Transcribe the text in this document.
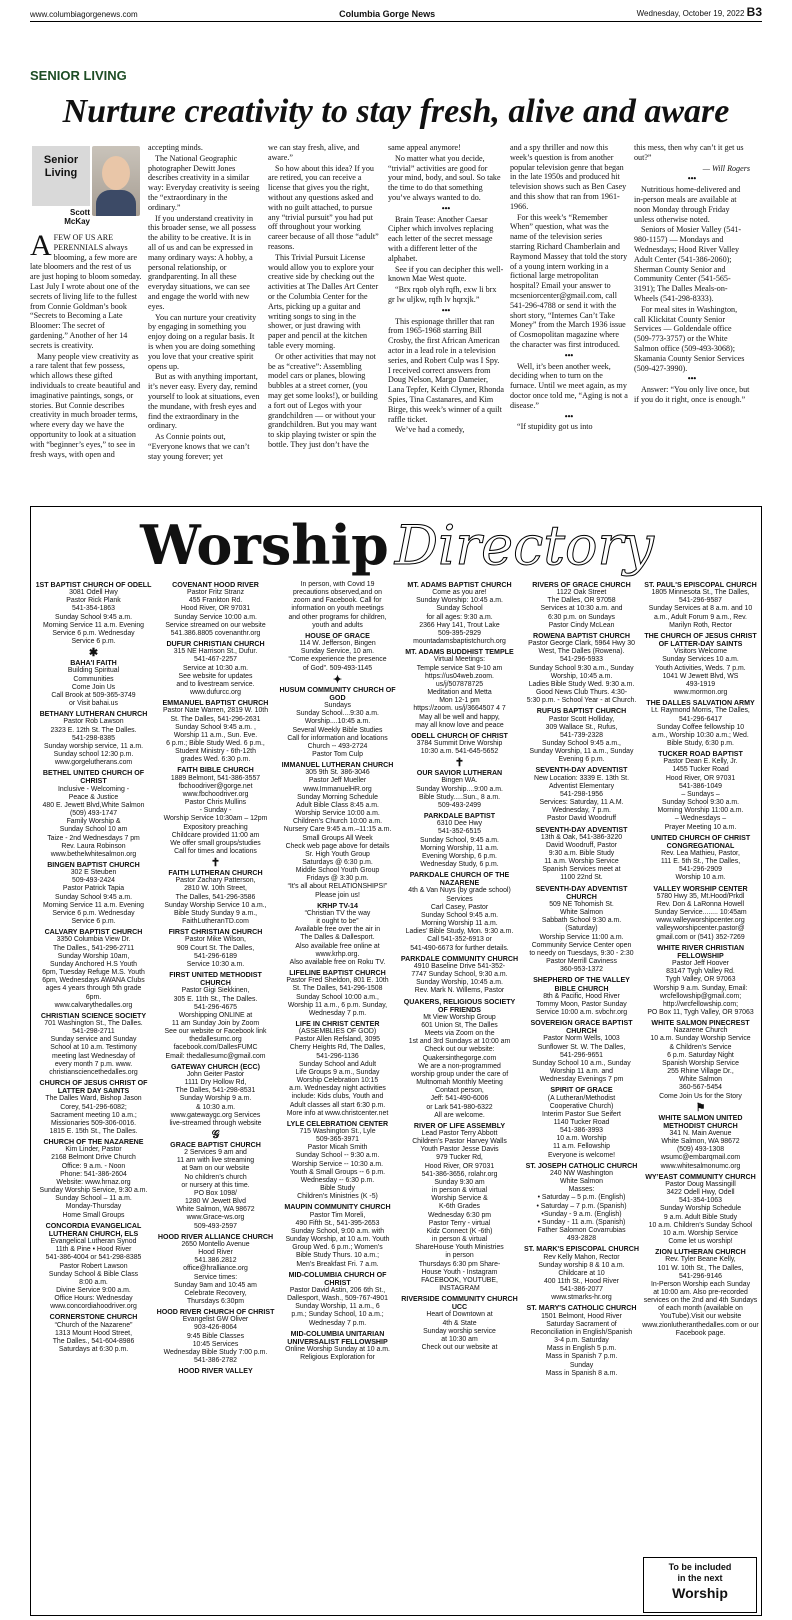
www.columbiagorgenews.com	Columbia Gorge News	Wednesday, October 19, 2022 B3
SENIOR LIVING
Nurture creativity to stay fresh, alive and aware
Senior
Living
Scott
McKay
A FEW OF US ARE PERENNIALS always blooming, a few more are late bloomers and the rest of us are just hoping to bloom someday. Last July I wrote about one of the secrets of living life to the fullest from Connie Goldman’s book “Secrets to Becoming a Late Bloomer: The secret of gardening.” Another of her 14 secrets is creativity.

Many people view creativity as a rare talent that few possess, which allows these gifted individuals to create beautiful and imaginative paintings, songs, or stories. But Connie describes creativity in much broader terms, where every day we have the opportunity to look at a situation with “beginner’s eyes,” to see in fresh ways, with open and

accepting minds.

The National Geographic photographer Dewitt Jones describes creativity in a similar way: Everyday creativity is seeing the “extraordinary in the ordinary.”

If you understand creativity in this broader sense, we all possess the ability to be creative. It is in all of us and can be expressed in many ordinary ways: A hobby, a personal relationship, or grandparenting. In all these everyday situations, we can see and engage the world with new eyes.

You can nurture your creativity by engaging in something you enjoy doing on a regular basis. It is when you are doing something you love that your creative spirit opens up.

But as with anything important, it’s never easy. Every day, remind yourself to look at situations, even the mundane, with fresh eyes and find the extraordinary in the ordinary.

As Connie points out, “Everyone knows that we can’t stay young forever; yet

we can stay fresh, alive, and aware.”

So how about this idea? If you are retired, you can receive a license that gives you the right, without any questions asked and with no guilt attached, to pursue any “trivial pursuit” you had put off throughout your working career because of all those “adult” reasons.

This Trivial Pursuit License would allow you to explore your creative side by checking out the activities at The Dalles Art Center or the Columbia Center for the Arts, picking up a guitar and writing songs to sing in the shower, or just drawing with paper and pencil at the kitchen table every morning.

Or other activities that may not be as “creative”: Assembling model cars or planes, blowing bubbles at a street corner, (you may get some looks!), or building a fort out of Legos with your grandchildren — or without your grandchildren. But you may want to skip playing twister or spin the bottle. They just don’t have the

same appeal anymore!

No matter what you decide, “trivial” activities are good for your mind, body, and soul. So take the time to do that something you’ve always wanted to do.

•••

Brain Tease: Another Caesar Cipher which involves replacing each letter of the secret message with a different letter of the alphabet.

See if you can decipher this well-known Mae West quote.

“Brx rqob olyh rqfh, exw li brx gr lw uljkw, rqfh lv hqrxjk.”

•••

This espionage thriller that ran from 1965-1968 starring Bill Crosby, the first African American actor in a lead role in a television series, and Robert Culp was I Spy. I received correct answers from Doug Nelson, Margo Dameier, Lana Tepfer, Keith Clymer, Rhonda Spies, Tina Castanares, and Kim Birge, this week’s winner of a quilt raffle ticket.

We’ve had a comedy,

and a spy thriller and now this week’s question is from another popular television genre that began in the late 1950s and produced hit television shows such as Ben Casey and this show that ran from 1961-1966.

For this week’s “Remember When” question, what was the name of the television series starring Richard Chamberlain and Raymond Massey that told the story of a young intern working in a fictional large metropolitan hospital? Email your answer to mcseniorcenter@gmail.com, call 541-296-4788 or send it with the short story, “Internes Can’t Take Money” from the March 1936 issue of Cosmopolitan magazine where the character was first introduced.

•••

Well, it’s been another week, deciding when to turn on the furnace. Until we meet again, as my doctor once told me, “Aging is not a disease.”

•••

“If stupidity got us into

this mess, then why can’t it get us out?”

— Will Rogers

•••

Nutritious home-delivered and in-person meals are available at noon Monday through Friday unless otherwise noted.

Seniors of Mosier Valley (541-980-1157) — Mondays and Wednesdays; Hood River Valley Adult Center (541-386-2060); Sherman County Senior and Community Center (541-565-3191); The Dalles Meals-on-Wheels (541-298-8333).

For meal sites in Washington, call Klickitat County Senior Services — Goldendale office (509-773-3757) or the White Salmon office (509-493-3068); Skamania County Senior Services (509-427-3990).

•••

Answer: “You only live once, but if you do it right, once is enough.”

Worship Directory
1ST BAPTIST CHURCH OF ODELL
3081 Odell Hwy
Pastor Rick Plank
541-354-1863
Sunday School 9:45 a.m.
Morning Service 11 a.m. Evening
Service 6 p.m. Wednesday
Service 6 p.m.
✱
BAHA'I FAITH
Building Spiritual
Communities
Come Join Us
Call Brook at 509-365-3749
or Visit bahai.us
BETHANY LUTHERAN CHURCH
Pastor Rob Lawson
2323 E. 12th St. The Dalles.
541-298-8385
Sunday worship service, 11 a.m.
Sunday school 12:30 p.m.
www.gorgelutherans.com
BETHEL UNITED CHURCH OF CHRIST
Inclusive - Welcoming -
Peace & Justice
480 E. Jewett Blvd,White Salmon
(509) 493-1747
Family Worship &
Sunday School 10 am
Taize - 2nd Wednesdays 7 pm
Rev. Laura Robinson
www.bethelwhitesalmon.org
BINGEN BAPTIST CHURCH
302 E Steuben
509-493-2424
Pastor Patrick Tapia
Sunday School 9:45 a.m.
Morning Service 11 a.m. Evening
Service 6 p.m. Wednesday
Service 6 p.m.
CALVARY BAPTIST CHURCH
3350 Columbia View Dr.
The Dalles., 541-296-2711
Sunday Worship 10am,
Sunday Anchored H.S Youth
6pm, Tuesday Refuge M.S. Youth
6pm, Wednesdays AWANA Clubs
ages 4 years through 5th grade
6pm.
www.calvarythedalles.org
CHRISTIAN SCIENCE SOCIETY
701 Washington St., The Dalles.
541-298-2711
Sunday service and Sunday
School at 10 a.m. Testimony
meeting last Wednesday of
every month 7 p.m. www.
christiansciencethedalles.org
CHURCH OF JESUS CHRIST OF LATTER DAY SAINTS
The Dalles Ward, Bishop Jason
Corey, 541-296-6082;
Sacrament meeting 10 a.m.;
Missionaries 509-306-0016.
1815 E. 15th St., The Dalles.
CHURCH OF THE NAZARENE
Kim Linder, Pastor
2168 Belmont Drive Church
Office: 9 a.m. - Noon
Phone: 541-386-2604
Website: www.hrnaz.org
Sunday Worship Service, 9:30 a.m.
Sunday School – 11 a.m.
Monday-Thursday
Home Small Groups
CONCORDIA EVANGELICAL LUTHERAN CHURCH, ELS
Evangelical Lutheran Synod
11th & Pine • Hood River
541-386-4004 or 541-298-8385
Pastor Robert Lawson
Sunday School & Bible Class
8:00 a.m.
Divine Service 9:00 a.m.
Office Hours: Wednesday
www.concordiahoodriver.org
CORNERSTONE CHURCH
“Church of the Nazarene”
1313 Mount Hood Street,
The Dalles., 541-604-8986
Saturdays at 6:30 p.m.
COVENANT HOOD RIVER
Pastor Fritz Stranz
455 Frankton Rd.
Hood River, OR 97031
Sunday Service 10:00 a.m.
Service streamed on our website
541.386.8805 covenanthr.org
DUFUR CHRISTIAN CHURCH
315 NE Harrison St., Dufur.
541-467-2257
Service at 10:30 a.m.
See website for updates
and to livestream service.
www.dufurcc.org
EMMANUEL BAPTIST CHURCH
Pastor Nate Warren, 2819 W. 10th
St. The Dalles, 541-296-2631
Sunday School 9:45 a.m. ,
Worship 11 a.m., Sun. Eve.
6 p.m.; Bible Study Wed. 6 p.m.,
Student Ministry - 6th-12th
grades Wed. 6:30 p.m.
FAITH BIBLE CHURCH
1889 Belmont, 541-386-3557
fbchoodriver@gorge.net
www.fbchoodriver.org
Pastor Chris Mullins
- Sunday -
Worship Service 10:30am – 12pm
Expository preaching
Childcare provided 11:00 am
We offer small groups/studies
Call for times and locations
✝
FAITH LUTHERAN CHURCH
Pastor Zachary Patterson,
2810 W. 10th Street,
The Dalles, 541-296-3586
Sunday Worship Service 10 a.m.,
Bible Study Sunday 9 a.m.,
FaithLutheranTD.com
FIRST CHRISTIAN CHURCH
Pastor Mike Wilson,
909 Court St. The Dalles,
541-296-6189
Service 10:30 a.m.
FIRST UNITED METHODIST CHURCH
Pastor Gigi Siekkinen,
305 E. 11th St., The Dalles.
541-296-4675
Worshipping ONLINE at
11 am Sunday Join by Zoom
See our website or Facebook link
thedallesumc.org
facebook.com/DallesFUMC
Email: thedallesumc@gmail.com
GATEWAY CHURCH (ECC)
John Geiter Pastor
1111 Dry Hollow Rd,
The Dalles, 541-298-8531
Sunday Worship 9 a.m.
& 10:30 a.m.
www.gatewaygc.org Services
live-streamed through website
𝒢
GRACE BAPTIST CHURCH
2 Services 9 am and
11 am with live streaming
at 9am on our website
No children’s church
or nursery at this time.
PO Box 1098/
1280 W Jewett Blvd
White Salmon, WA 98672
www.Grace-ws.org
509-493-2597
HOOD RIVER ALLIANCE CHURCH
2650 Montello Avenue
Hood River
541.386.2812
office@hralliance.org
Service times:
Sunday 9am and 10:45 am
Celebrate Recovery,
Thursdays 6:30pm
HOOD RIVER CHURCH OF CHRIST
Evangelist GW Oliver
903-426-8064
9:45 Bible Classes
10:45 Services
Wednesday Bible Study 7:00 p.m.
541-386-2782
HOOD RIVER VALLEY
In person, with Covid 19
precautions observed,and on
zoom and Facebook. Call for
information on youth meetings
and other programs for children,
youth and adults
HOUSE OF GRACE
114 W. Jefferson, Bingen
Sunday Service, 10 am.
“Come experience the presence
of God”. 509-493-1145
✦
HUSUM COMMUNITY CHURCH OF GOD
Sundays
Sunday School....9:30 a.m.
Worship....10:45 a.m.
Several Weekly Bible Studies
Call for information and locations
Church -- 493-2724
Pastor Tom Culp
IMMANUEL LUTHERAN CHURCH
305 9th St. 386-3046
Pastor Jeff Mueller
www.ImmanuelHR.org
Sunday Morning Schedule
Adult Bible Class 8:45 a.m.
Worship Service 10:00 a.m.
Children’s Church 10:00 a.m.
Nursery Care 9:45 a.m.–11:15 a.m.
Small Groups All Week
Check web page above for details
Sr. High Youth Group
Saturdays @ 6:30 p.m.
Middle School Youth Group
Fridays @ 3:30 p.m.
“It’s all about RELATIONSHIPS!”
Please join us!
KRHP TV-14
“Christian TV the way
it ought to be”
Available free over the air in
The Dalles & Dallesport.
Also available free online at
www.krhp.org.
Also available free on Roku TV.
LIFELINE BAPTIST CHURCH
Pastor Fred Sheldon, 801 E. 10th
St. The Dalles, 541-296-1508
Sunday School 10:00 a.m.,
Worship 11 a.m., 6 p.m. Sunday,
Wednesday 7 p.m.
LIFE IN CHRIST CENTER
(ASSEMBLIES OF GOD)
Pastor Allen Refsland, 3095
Cherry Heights Rd, The Dalles,
541-296-1136
Sunday School and Adult
Life Groups 9 a.m., Sunday
Worship Celebration 10:15
a.m. Wednesday night activities
include: Kids clubs, Youth and
Adult classes all start 6:30 p.m.
More info at www.christcenter.net
LYLE CELEBRATION CENTER
715 Washington St., Lyle
509-365-3971
Pastor Micah Smith
Sunday School -- 9:30 a.m.
Worship Service -- 10:30 a.m.
Youth & Small Groups -- 6 p.m.
Wednesday -- 6:30 p.m.
Bible Study
Children’s Ministries (K -5)
MAUPIN COMMUNITY CHURCH
Pastor Tim Moreli,
490 Fifth St., 541-395-2653
Sunday School, 9:00 a.m. with
Sunday Worship, at 10 a.m. Youth
Group Wed. 6 p.m.; Women’s
Bible Study Thurs. 10 a.m.;
Men’s Breakfast Fri. 7 a.m.
MID-COLUMBIA CHURCH OF CHRIST
Pastor David Astin, 206 6th St.,
Dallesport, Wash., 509-767-4901
Sunday Worship, 11 a.m., 6
p.m.; Sunday School, 10 a.m.;
Wednesday 7 p.m.
MID-COLUMBIA UNITARIAN UNIVERSALIST FELLOWSHIP
Online Worship Sunday at 10 a.m.
Religious Exploration for
MT. ADAMS BAPTIST CHURCH
Come as you are!
Sunday Worship: 10:45 a.m.
Sunday School
for all ages: 9:30 a.m.
2366 Hwy 141, Trout Lake
509-395-2929
mountadamsbaptistchurch.org
MT. ADAMS BUDDHIST TEMPLE
Virtual Meetings:
Temple service Sat 9-10 am
https://us04web.zoom.
us/j/507878725
Meditation and Metta
Mon 12-1 pm
https://zoom. us/j/3664507 4 7
May all be well and happy,
may all know love and peace
ODELL CHURCH OF CHRIST
3784 Summit Drive Worship
10:30 a.m. 541-645-5652
✝
OUR SAVIOR LUTHERAN
Bingen WA.
Sunday Worship....9:00 a.m.
Bible Study.....Sun., 8 a.m.
509-493-2499
PARKDALE BAPTIST
6310 Dee Hwy
541-352-6515
Sunday School, 9:45 a.m.
Morning Worship, 11 a.m.
Evening Worship, 6 p.m.
Wednesday Study, 6 p.m.
PARKDALE CHURCH OF THE NAZARENE
4th & Van Nuys (by grade school)
Services
Carl Casey, Pastor
Sunday School 9:45 a.m.
Morning Worship 11 a.m.
Ladies’ Bible Study, Mon. 9:30 a.m.
Call 541-352-6913 or
541-490-6673 for further details.
PARKDALE COMMUNITY CHURCH
4910 Baseline Drive 541-352-
7747 Sunday School, 9:30 a.m.
Sunday Worship, 10:45 a.m.
Rev. Mark N. Willems, Pastor
QUAKERS, RELIGIOUS SOCIETY OF FRIENDS
Mt View Worship Group
601 Union St, The Dalles
Meets via Zoom on the
1st and 3rd Sundays at 10:00 am
Check out our website:
Quakersinthegorge.com
We are a non-programmed
worship group under the care of
Multnomah Monthly Meeting
Contact person,
Jeff: 541-490-6006
or Lark 541-980-6322
All are welcome.
RIVER OF LIFE ASSEMBLY
Lead Pastor Terry Abbott
Children’s Pastor Harvey Walls
Youth Pastor Jesse Davis
979 Tucker Rd,
Hood River, OR 97031
541-386-3656, rolahr.org
Sunday 9:30 am
in person & virtual
Worship Service &
K-6th Grades
Wednesday 6:30 pm
Pastor Terry - virtual
Kidz Connect (K -6th)
in person & virtual
ShareHouse Youth Ministries
in person
Thursdays 6:30 pm Share-
House Youth - Instagram
FACEBOOK, YOUTUBE,
INSTAGRAM
RIVERSIDE COMMUNITY CHURCH UCC
Heart of Downtown at
4th & State
Sunday worship service
at 10:30 am
Check out our website at
RIVERS OF GRACE CHURCH
1122 Oak Street
The Dalles, OR 97058
Services at 10:30 a.m. and
6:30 p.m. on Sundays
Pastor Cindy McLean
ROWENA BAPTIST CHURCH
Pastor George Clark, 5964 Hwy 30
West, The Dalles (Rowena).
541-296-5933
Sunday School 9:30 a.m., Sunday
Worship, 10:45 a.m.
Ladies Bible Study Wed. 9:30 a.m.
Good News Club Thurs. 4:30-
5:30 p.m. - School Year - at Church.
RUFUS BAPTIST CHURCH
Pastor Scott Holliday,
309 Wallace St., Rufus,
541-739-2328
Sunday School 9:45 a.m.,
Sunday Worship, 11 a.m., Sunday
Evening 6 p.m.
SEVENTH-DAY ADVENTIST
New Location: 3339 E. 13th St.
Adventist Elementary
541-298-1956
Services: Saturday, 11 A.M.
Wednesday, 7 p.m.
Pastor David Woodruff
SEVENTH-DAY ADVENTIST
13th & Oak, 541-386-3220
David Woodruff, Pastor
9:30 a.m. Bible Study
11 a.m. Worship Service
Spanish Services meet at
1100 22nd St.
SEVENTH-DAY ADVENTIST CHURCH
509 NE Tohomish St.
White Salmon
Sabbath School 9:30 a.m.
(Saturday)
Worship Service 11:00 a.m.
Community Service Center open
to needy on Tuesdays, 9:30 - 2:30
Pastor Merrill Caviness
360-953-1372
SHEPHERD OF THE VALLEY BIBLE CHURCH
8th & Pacific, Hood River
Tommy Moon, Pastor Sunday
Service 10:00 a.m. svbchr.org
SOVEREIGN GRACE BAPTIST CHURCH
Pastor Norm Wells, 1003
Sunflower St. W. The Dalles,
541-296-9651
Sunday School 10 a.m., Sunday
Worship 11 a.m. and
Wednesday Evenings 7 pm
SPIRIT OF GRACE
(A Lutheran/Methodist
Cooperative Church)
Interim Pastor Sue Seifert
1140 Tucker Road
541-386-3993
10 a.m. Worship
11 a.m. Fellowship
Everyone is welcome!
ST. JOSEPH CATHOLIC CHURCH
240 NW Washington
White Salmon
Masses:
• Saturday – 5 p.m. (English)
• Saturday – 7 p.m. (Spanish)
•Sunday - 9 a.m. (English)
• Sunday - 11 a.m. (Spanish)
Father Salomon Covarrubias
493-2828
ST. MARK'S EPISCOPAL CHURCH
Rev Kelly Mahon, Rector
Sunday worship 8 & 10 a.m.
Childcare at 10
400 11th St., Hood River
541-386-2077
www.stmarks-hr.org
ST. MARY'S CATHOLIC CHURCH
1501 Belmont, Hood River
Saturday Sacrament of
Reconciliation in English/Spanish
3-4 p.m. Saturday
Mass in English 5 p.m.
Mass in Spanish 7 p.m.
Sunday
Mass in Spanish 8 a.m.
ST. PAUL'S EPISCOPAL CHURCH
1805 Minnesota St., The Dalles,
541-296-9587
Sunday Services at 8 a.m. and 10
a.m., Adult Forum 9 a.m., Rev.
Marilyn Roth, Rector
THE CHURCH OF JESUS CHRIST OF LATTER-DAY SAINTS
Visitors Welcome
Sunday Services 10 a.m.
Youth Activities, Weds. 7 p.m.
1041 W Jewett Blvd, WS
493-1919
www.mormon.org
THE DALLES SALVATION ARMY
Lt. Raymond Morris, The Dalles,
541-296-6417
Sunday Coffee fellowship 10
a.m., Worship 10:30 a.m.; Wed.
Bible Study, 6:30 p.m.
TUCKER ROAD BAPTIST
Pastor Dean E. Kelly, Jr.
1455 Tucker Road
Hood River, OR 97031
541-386-1049
– Sundays –
Sunday School 9:30 a.m.
Morning Worship 11:00 a.m.
– Wednesdays –
Prayer Meeting 10 a.m.
UNITED CHURCH OF CHRIST CONGREGATIONAL
Rev. Lea Mathieu, Pastor,
111 E. 5th St., The Dalles,
541-296-2909
Worship 10 a.m.
VALLEY WORSHIP CENTER
5780 Hwy 35, Mt.Hood/Prkdl
Rev. Don & LaRonna Howell
Sunday Service........ 10:45am
www.valleyworshipcenter.org
valleyworshipcenter.pastor@
gmail.com or (541) 352-7269
WHITE RIVER CHRISTIAN FELLOWSHIP
Pastor Jeff Hoover
83147 Tygh Valley Rd.
Tygh Valley, OR 97063
Worship 9 a.m. Sunday, Email:
wrcfellowship@gmail.com;
http://wrcfellowship.com;
PO Box 11, Tygh Valley, OR 97063
WHITE SALMON PINECREST
Nazarene Church
10 a.m. Sunday Worship Service
& Children’s Service
6 p.m. Saturday Night
Spanish Worship Service
255 Rhine Village Dr.,
White Salmon
360-567-5454
Come Join Us for the Story
⚑
WHITE SALMON UNITED METHODIST CHURCH
341 N. Main Avenue
White Salmon, WA 98672
(509) 493-1308
wsumc@embarqmail.com
www.whitesalmonumc.org
WY’EAST COMMUNITY CHURCH
Pastor Doug Massingill
3422 Odell Hwy, Odell
541-354-1063
Sunday Worship Schedule
9 a.m. Adult Bible Study
10 a.m. Children’s Sunday School
10 a.m. Worship Service
Come let us worship!
ZION LUTHERAN CHURCH
Rev. Tyler Beane Kelly,
101 W. 10th St., The Dalles,
541-296-9146
In-Person Worship each Sunday
at 10:00 am. Also pre-recorded
services on the 2nd and 4th Sundays
of each month (available on
YouTube).Visit our website
www.zionlutheranthedalles.com or our
Facebook page.
To be included
in the next
Worship
